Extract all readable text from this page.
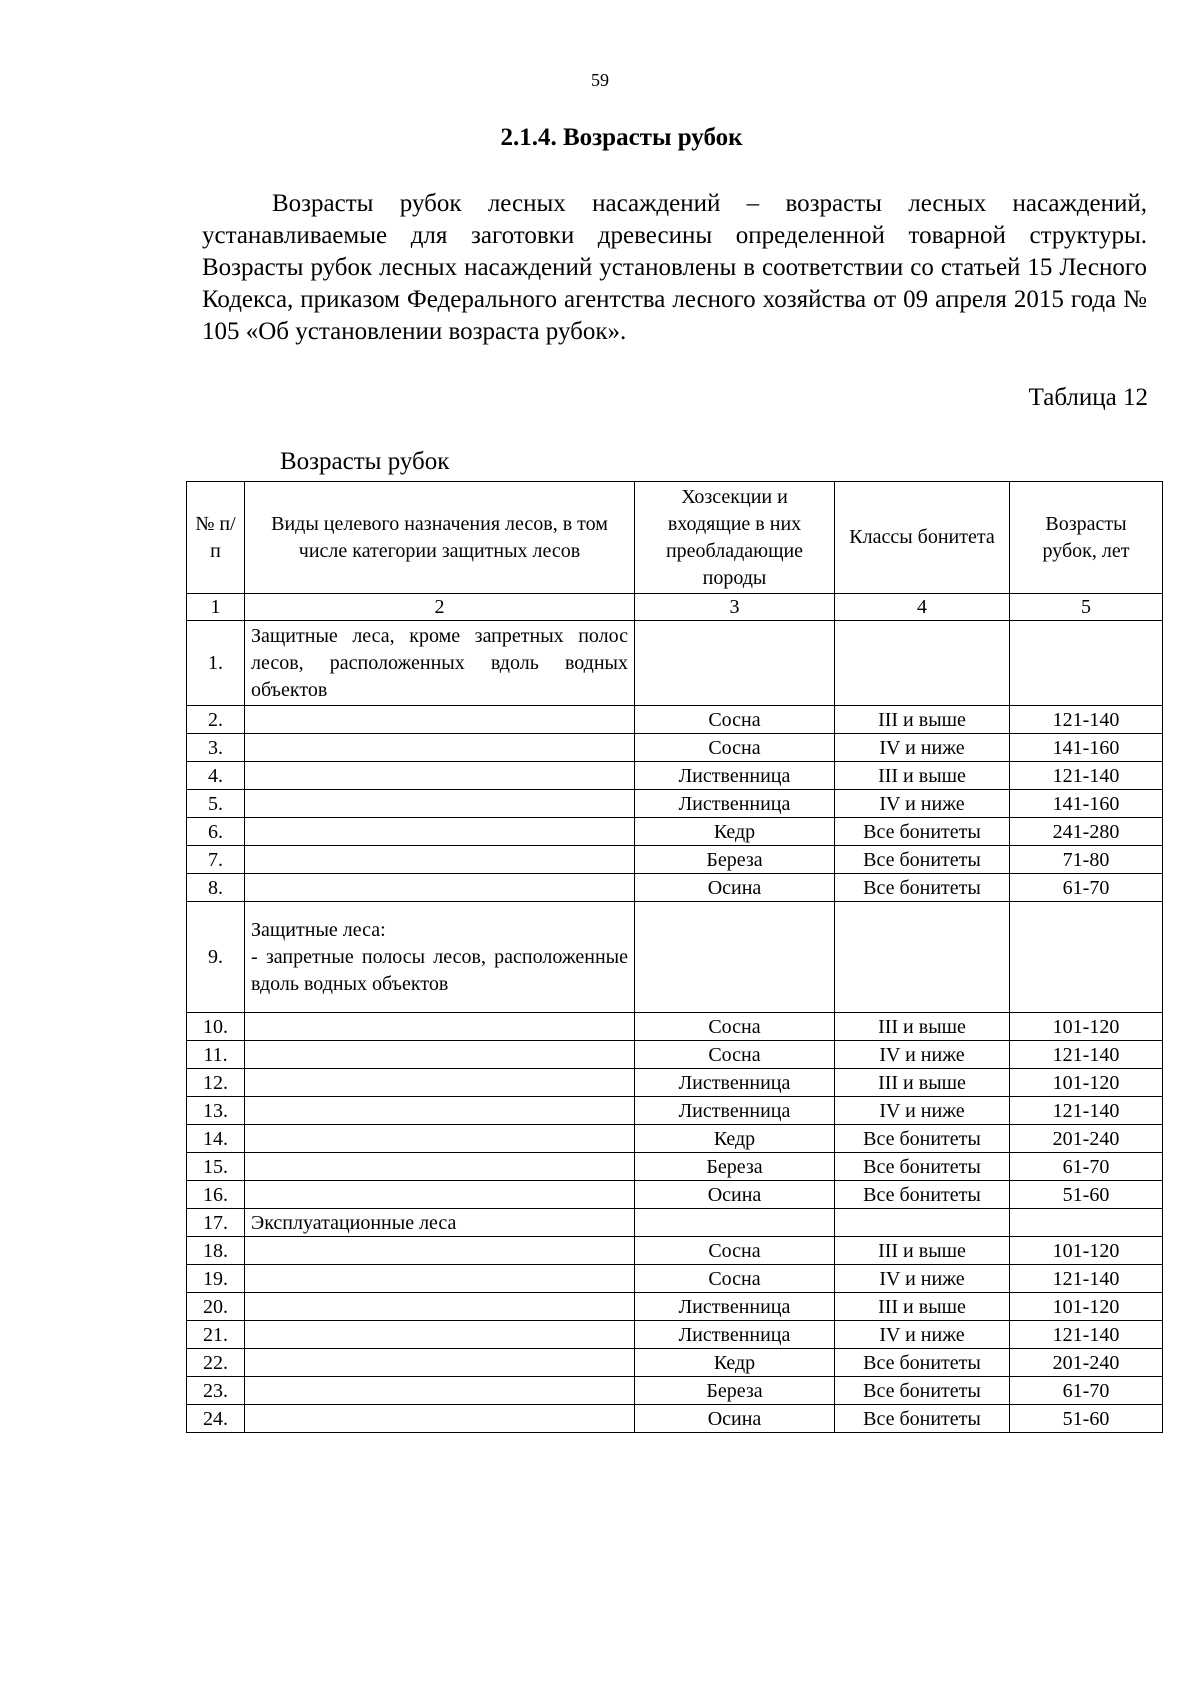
59
2.1.4. Возрасты рубок

Возрасты рубок лесных насаждений – возрасты лесных насаждений, устанавливаемые для заготовки древесины определенной товарной структуры. Возрасты рубок лесных насаждений установлены в соответствии со статьей 15 Лесного Кодекса, приказом Федерального агентства лесного хозяйства от 09 апреля 2015 года № 105 «Об установлении возраста рубок».

Таблица 12
Возрасты рубок
№ п/п	Виды целевого назначения лесов, в том числе категории защитных лесов	Хозсекции и входящие в них преобладающие породы	Классы бонитета	Возрасты рубок, лет
1	2	3	4	5
1.	Защитные леса, кроме запретных полос лесов, расположенных вдоль водных объектов			

2.		Сосна	III и выше	121-140
3.		Сосна	IV и ниже	141-160
4.		Лиственница	III и выше	121-140
5.		Лиственница	IV и ниже	141-160
6.		Кедр	Все бонитеты	241-280
7.		Береза	Все бонитеты	71-80
8.		Осина	Все бонитеты	61-70
9.	Защитные леса:
- запретные полосы лесов, расположенные вдоль водных объектов			

10.		Сосна	III и выше	101-120
11.		Сосна	IV и ниже	121-140
12.		Лиственница	III и выше	101-120
13.		Лиственница	IV и ниже	121-140
14.		Кедр	Все бонитеты	201-240
15.		Береза	Все бонитеты	61-70
16.		Осина	Все бонитеты	51-60
17.	Эксплуатационные леса			
18.		Сосна	III и выше	101-120
19.		Сосна	IV и ниже	121-140
20.		Лиственница	III и выше	101-120
21.		Лиственница	IV и ниже	121-140
22.		Кедр	Все бонитеты	201-240
23.		Береза	Все бонитеты	61-70
24.		Осина	Все бонитеты	51-60
